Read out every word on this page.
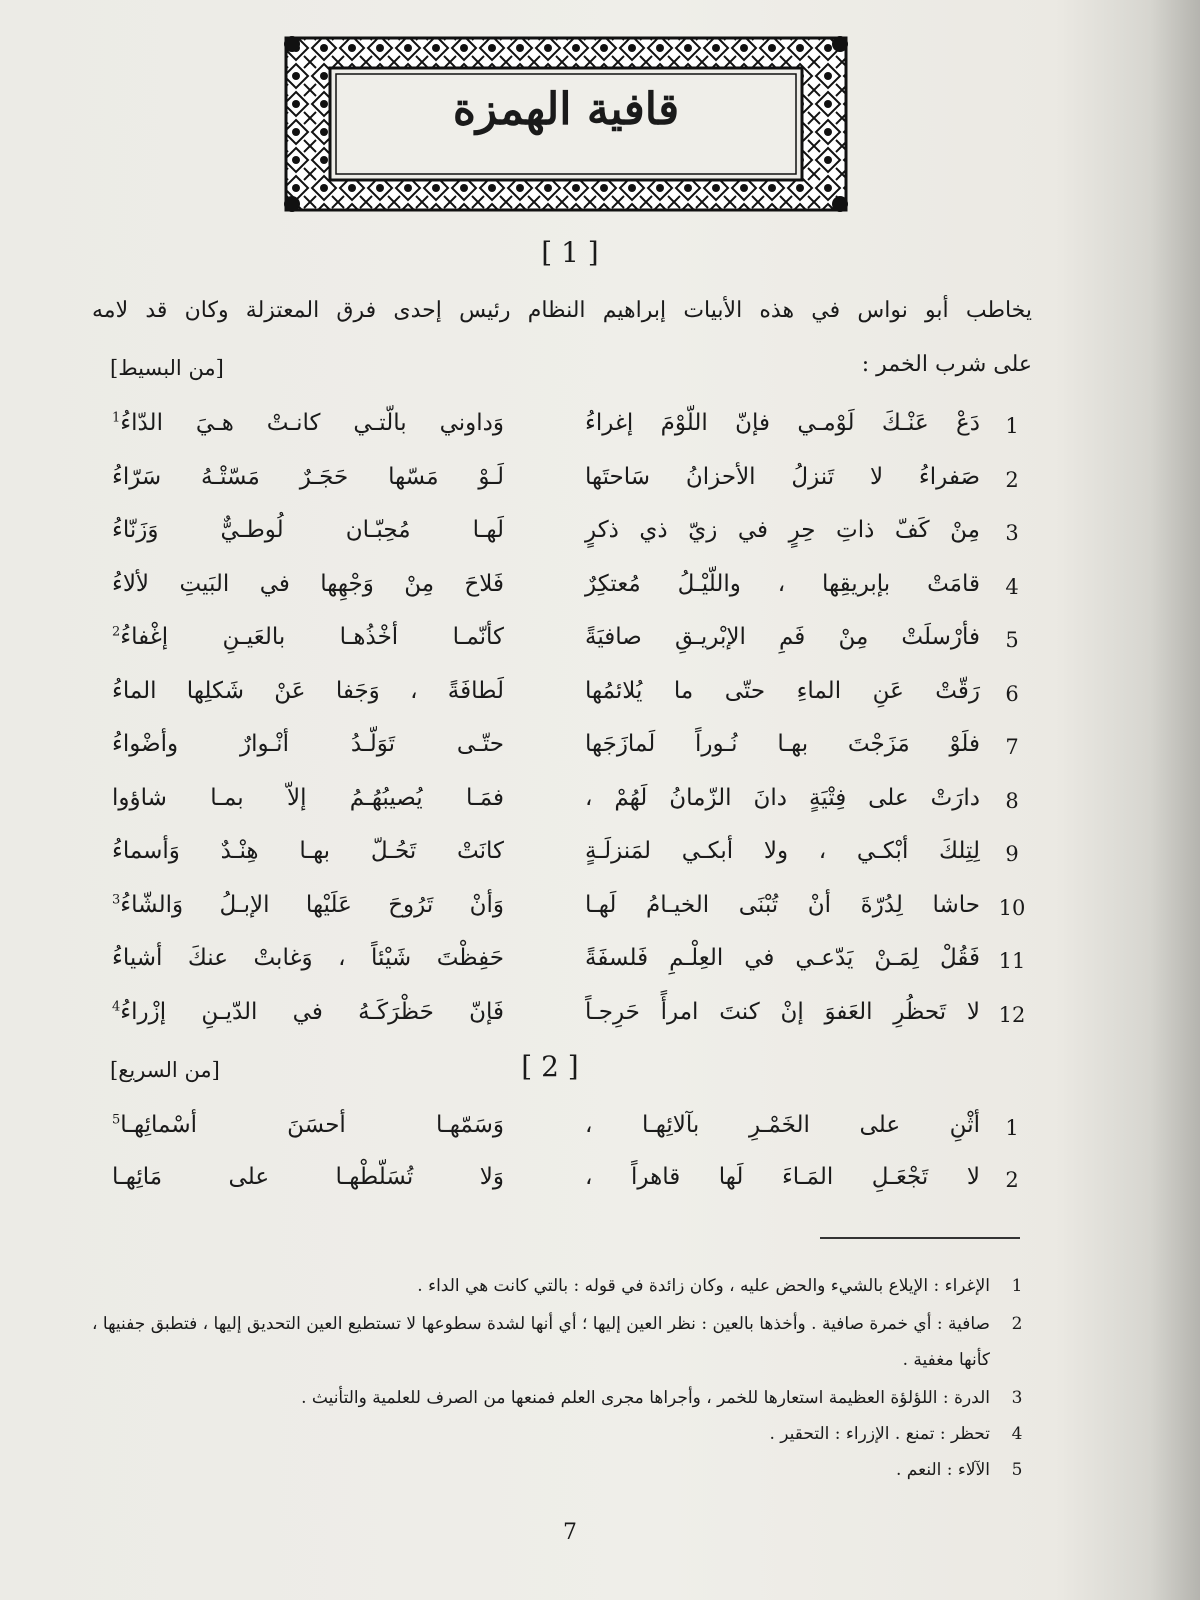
قافية الهمزة
[ 1 ]
يخاطب أبو نواس في هذه الأبيات إبراهيم النظام رئيس إحدى فرق المعتزلة وكان قد لامه
على شرب الخمر :
[من البسيط]
1
دَعْ عَنْـكَ لَوْمـي فإنّ اللّوْمَ إغراءُ
وَداوني بالّتـي كانـتْ هـيَ الدّاءُ$^1$
2
صَفراءُ لا تَنزلُ الأحزانُ سَاحتَها
لَـوْ مَسّها حَجَـرٌ مَسّتْـهُ سَرّاءُ
3
مِنْ كَفّ ذاتِ حِرٍ في زيّ ذي ذكرٍ
لَهـا مُحِبّـان لُوطـيٌّ وَزَنّاءُ
4
قامَتْ بإبريقِها ، واللّيْـلُ مُعتكِرٌ
فَلاحَ مِنْ وَجْهِها في البَيتِ لألاءُ
5
فأرْسلَتْ مِنْ فَمِ الإبْريـقِ صافيَةً
كأنّمـا أخْذُهـا بالعَيـنِ إغْفاءُ$^2$
6
رَقّتْ عَنِ الماءِ حتّى ما يُلائمُها
لَطافَةً ، وَجَفا عَنْ شَكلِها الماءُ
7
فلَوْ مَزَجْتَ بهـا نُـوراً لَمازَجَها
حتّـى تَوَلّـدُ أنْـوارٌ وأضْواءُ
8
دارَتْ على فِتْيَةٍ دانَ الزّمانُ لَهُمْ ،
فمَـا يُصيبُهُـمُ إلاّ بمـا شاؤوا
9
لِتِلكَ أبْكـي ، ولا أبكـي لمَنزلَـةٍ
كانَتْ تَحُـلّ بهـا هِنْـدٌ وَأسماءُ
10
حاشا لِدُرّةَ أنْ تُبْنَى الخيـامُ لَهـا
وَأنْ تَرُوحَ عَلَيْها الإبـلُ وَالشّاءُ$^3$
11
فَقُلْ لِمَـنْ يَدّعـي في العِلْـمِ فَلسفَةً
حَفِظْتَ شَيْئاً ، وَغابتْ عنكَ أشياءُ
12
لا تَحظُرِ العَفوَ إنْ كنتَ امرأً حَرِجـاً
فَإنّ حَظْرَكَـهُ في الدّيـنِ إزْراءُ$^4$
[ 2 ]
[من السريع]
1
أثْنِ على الخَمْـرِ بآلائِهـا ،
وَسَمّهـا أحسَنَ أسْمائِهـا$^5$
2
لا تَجْعَـلِ المَـاءَ لَها قاهراً ،
وَلا تُسَلّطْهـا على مَائِهـا
1
الإغراء : الإيلاع بالشيء والحض عليه ، وكان زائدة في قوله : بالتي كانت هي الداء .
2
صافية : أي خمرة صافية . وأخذها بالعين : نظر العين إليها ؛ أي أنها لشدة سطوعها لا تستطيع العين التحديق إليها ، فتطبق جفنيها ، كأنها مغفية .
3
الدرة : اللؤلؤة العظيمة استعارها للخمر ، وأجراها مجرى العلم فمنعها من الصرف للعلمية والتأنيث .
4
تحظر : تمنع . الإزراء : التحقير .
5
الآلاء : النعم .
7
